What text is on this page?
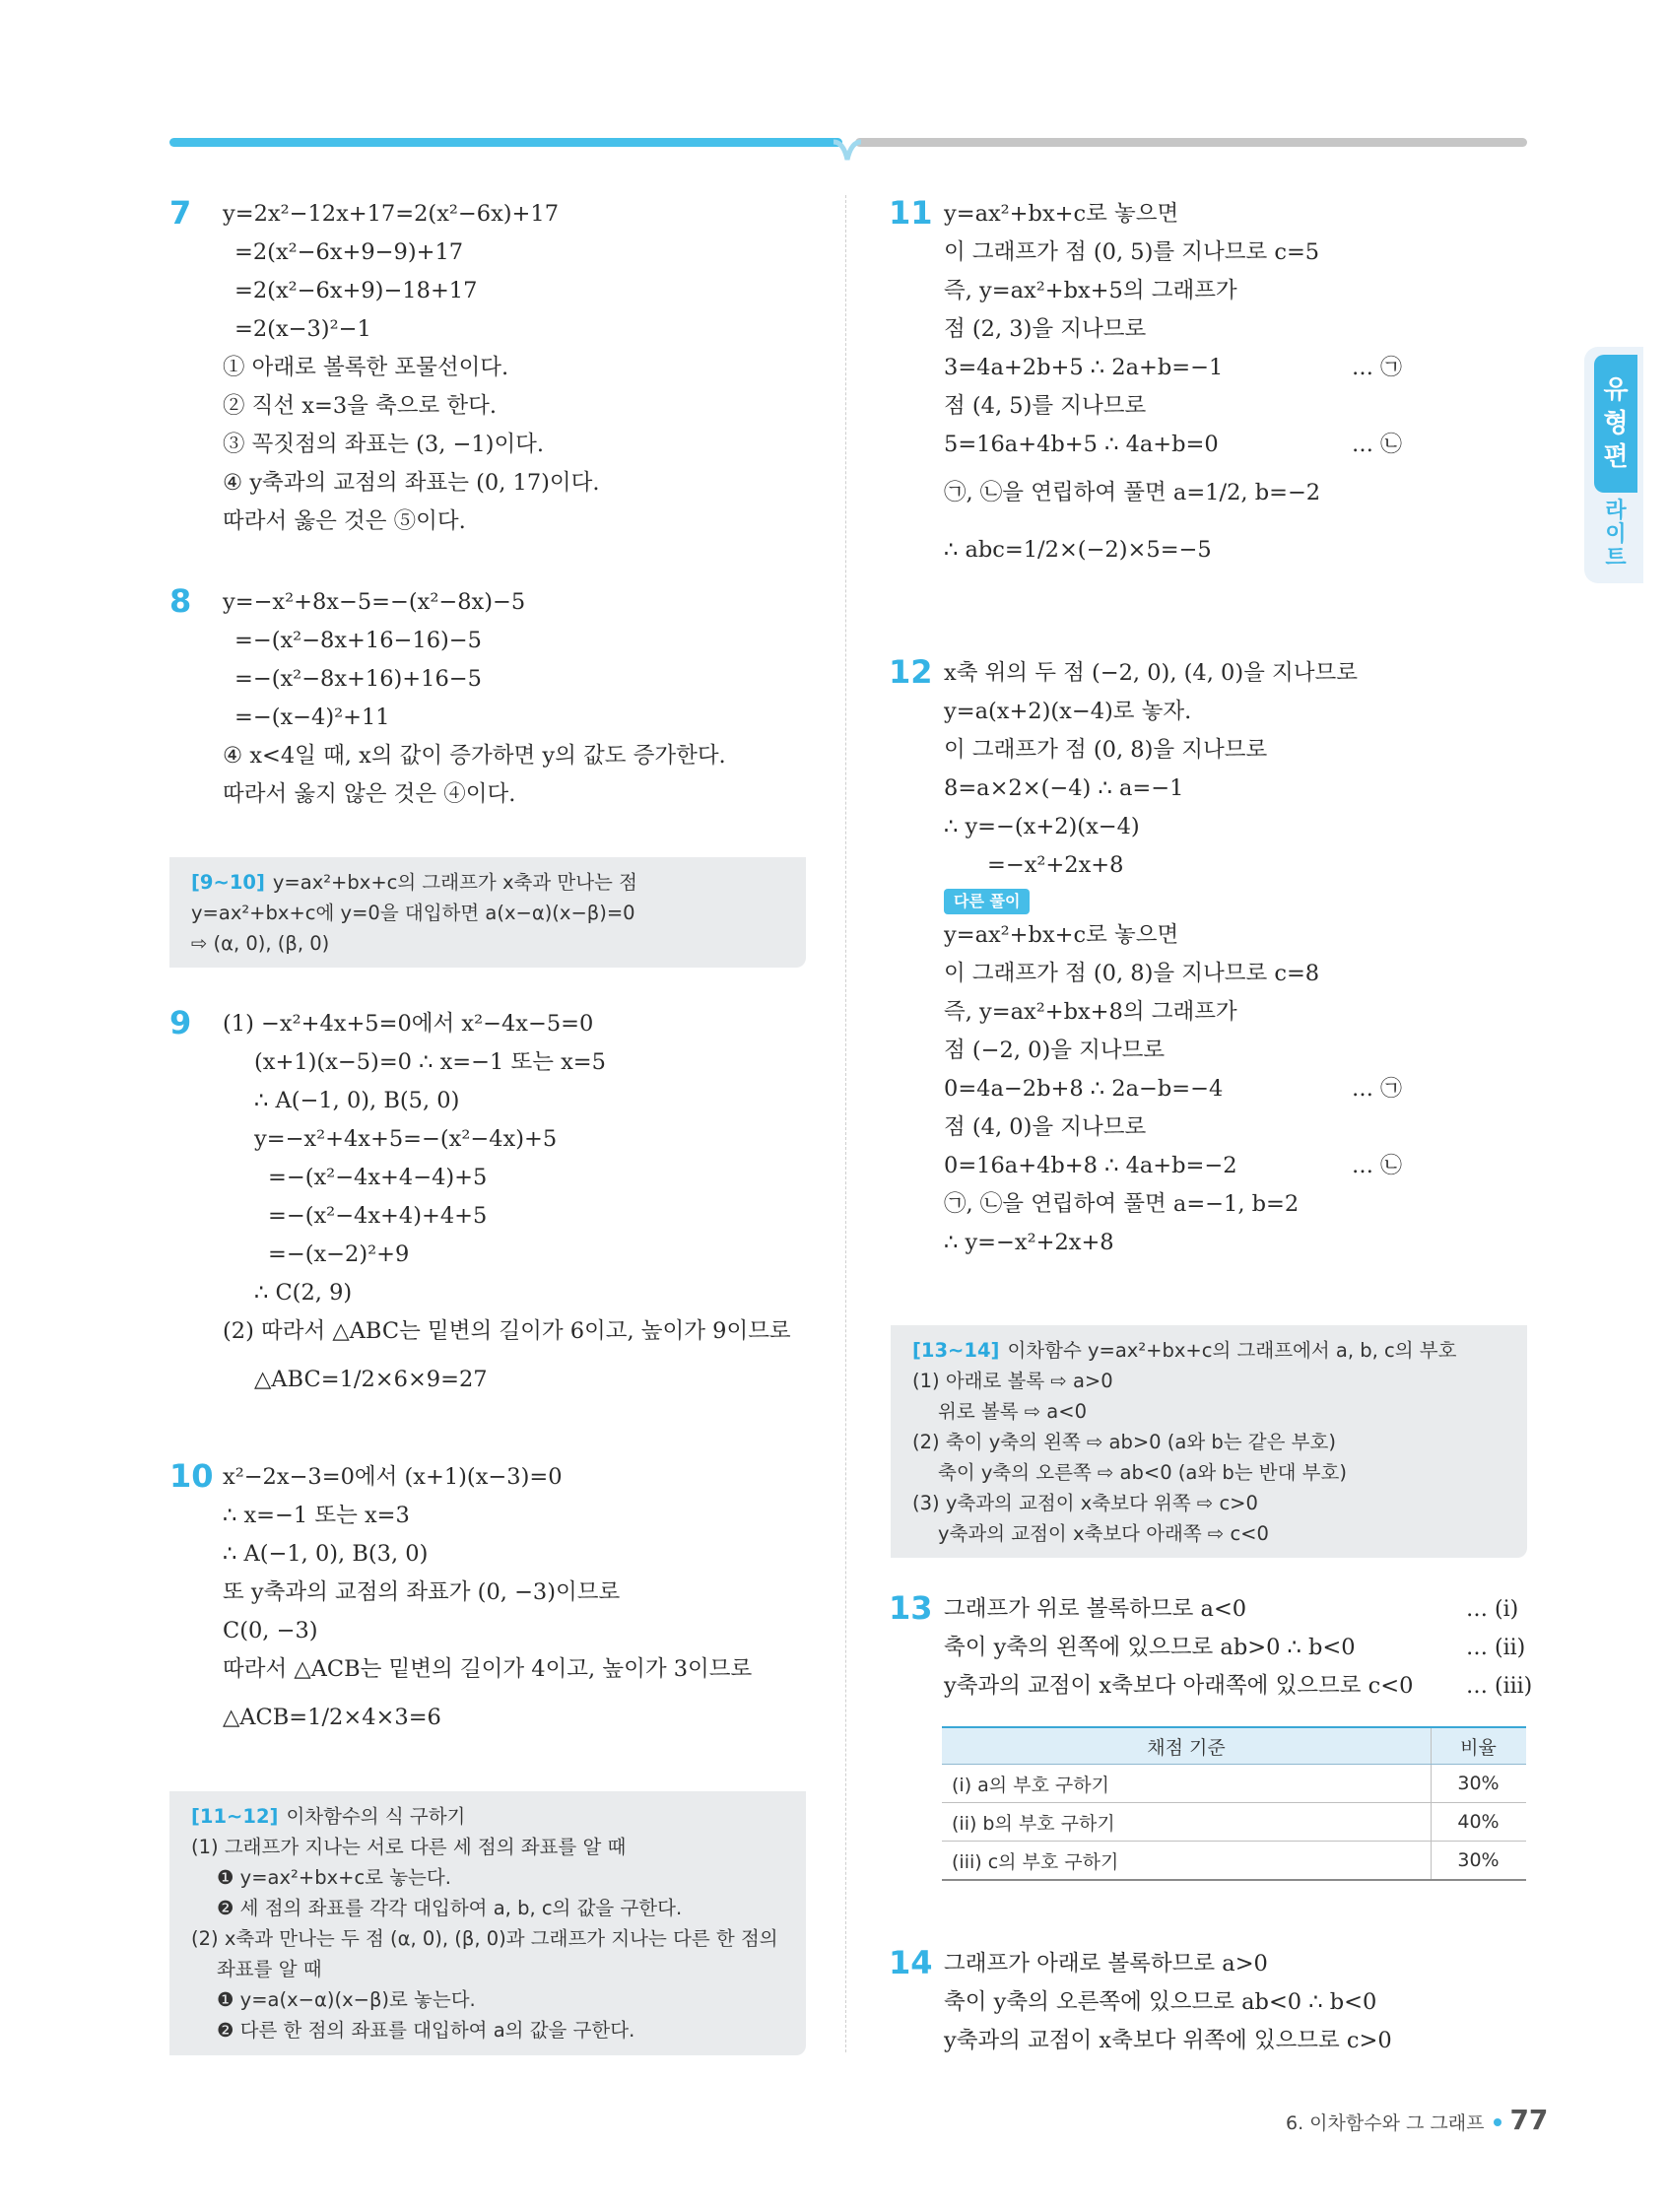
7 y=2x²−12x+17=2(x²−6x)+17
=2(x²−6x+9−9)+17
=2(x²−6x+9)−18+17
=2(x−3)²−1
① 아래로 볼록한 포물선이다.
② 직선 x=3을 축으로 한다.
③ 꼭짓점의 좌표는 (3, −1)이다.
④ y축과의 교점의 좌표는 (0, 17)이다.
따라서 옳은 것은 ⑤이다.
8 y=−x²+8x−5=−(x²−8x)−5
=−(x²−8x+16−16)−5
=−(x²−8x+16)+16−5
=−(x−4)²+11
④ x<4일 때, x의 값이 증가하면 y의 값도 증가한다.
따라서 옳지 않은 것은 ④이다.
[9~10] y=ax²+bx+c의 그래프가 x축과 만나는 점
y=ax²+bx+c에 y=0을 대입하면 a(x−α)(x−β)=0
⇨ (α, 0), (β, 0)
9 (1) −x²+4x+5=0에서 x²−4x−5=0
(x+1)(x−5)=0 ∴ x=−1 또는 x=5
∴ A(−1, 0), B(5, 0)
y=−x²+4x+5=−(x²−4x)+5
=−(x²−4x+4−4)+5
=−(x²−4x+4)+4+5
=−(x−2)²+9
∴ C(2, 9)
(2) 따라서 △ABC는 밑변의 길이가 6이고, 높이가 9이므로
△ABC=1/2×6×9=27
10 x²−2x−3=0에서 (x+1)(x−3)=0
∴ x=−1 또는 x=3
∴ A(−1, 0), B(3, 0)
또 y축과의 교점의 좌표가 (0, −3)이므로
C(0, −3)
따라서 △ACB는 밑변의 길이가 4이고, 높이가 3이므로
△ACB=1/2×4×3=6
[11~12] 이차함수의 식 구하기
(1) 그래프가 지나는 서로 다른 세 점의 좌표를 알 때
❶ y=ax²+bx+c로 놓는다.
❷ 세 점의 좌표를 각각 대입하여 a, b, c의 값을 구한다.
(2) x축과 만나는 두 점 (α, 0), (β, 0)과 그래프가 지나는 다른 한 점의
좌표를 알 때
❶ y=a(x−α)(x−β)로 놓는다.
❷ 다른 한 점의 좌표를 대입하여 a의 값을 구한다.
11 y=ax²+bx+c로 놓으면
이 그래프가 점 (0, 5)를 지나므로 c=5
즉, y=ax²+bx+5의 그래프가
점 (2, 3)을 지나므로
3=4a+2b+5 ∴ 2a+b=−1	… ㉠
점 (4, 5)를 지나므로
5=16a+4b+5 ∴ 4a+b=0	… ㉡
㉠, ㉡을 연립하여 풀면 a=1/2, b=−2
∴ abc=1/2×(−2)×5=−5
12 x축 위의 두 점 (−2, 0), (4, 0)을 지나므로
y=a(x+2)(x−4)로 놓자.
이 그래프가 점 (0, 8)을 지나므로
8=a×2×(−4) ∴ a=−1
∴ y=−(x+2)(x−4)
=−x²+2x+8
다른 풀이
y=ax²+bx+c로 놓으면
이 그래프가 점 (0, 8)을 지나므로 c=8
즉, y=ax²+bx+8의 그래프가
점 (−2, 0)을 지나므로
0=4a−2b+8 ∴ 2a−b=−4	… ㉠
점 (4, 0)을 지나므로
0=16a+4b+8 ∴ 4a+b=−2	… ㉡
㉠, ㉡을 연립하여 풀면 a=−1, b=2
∴ y=−x²+2x+8
[13~14] 이차함수 y=ax²+bx+c의 그래프에서 a, b, c의 부호
(1) 아래로 볼록 ⇨ a>0
위로 볼록 ⇨ a<0
(2) 축이 y축의 왼쪽 ⇨ ab>0 (a와 b는 같은 부호)
축이 y축의 오른쪽 ⇨ ab<0 (a와 b는 반대 부호)
(3) y축과의 교점이 x축보다 위쪽 ⇨ c>0
y축과의 교점이 x축보다 아래쪽 ⇨ c<0
13 그래프가 위로 볼록하므로 a<0	… (i)
축이 y축의 왼쪽에 있으므로 ab>0 ∴ b<0	… (ii)
y축과의 교점이 x축보다 아래쪽에 있으므로 c<0 … (iii)
채점 기준	비율
(i) a의 부호 구하기	30%
(ii) b의 부호 구하기	40%
(iii) c의 부호 구하기	30%
14 그래프가 아래로 볼록하므로 a>0
축이 y축의 오른쪽에 있으므로 ab<0 ∴ b<0
y축과의 교점이 x축보다 위쪽에 있으므로 c>0
유
형
편
라
이
트
6. 이차함수와 그 그래프 77
